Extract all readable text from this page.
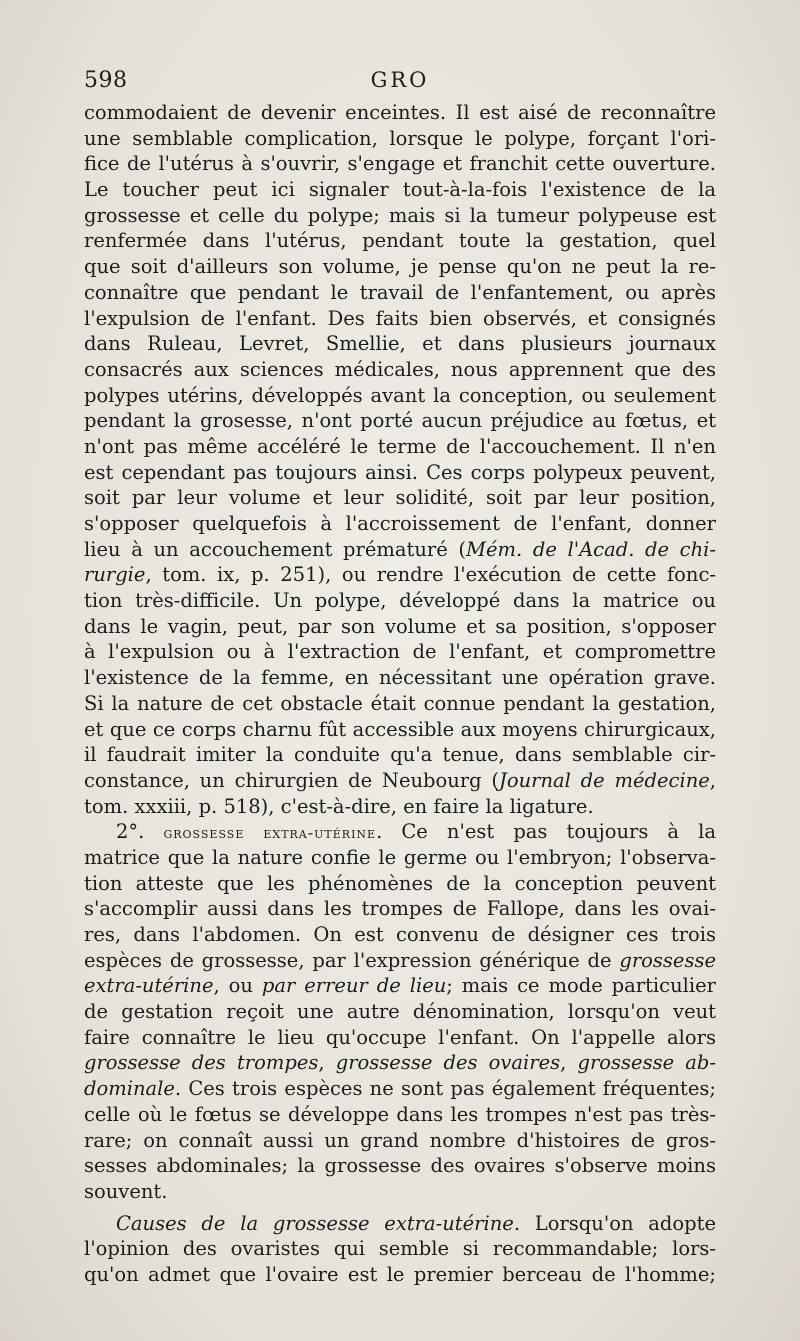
598	GRO
commodaient de devenir enceintes. Il est aisé de reconnaître
une semblable complication, lorsque le polype, forçant l'ori-
fice de l'utérus à s'ouvrir, s'engage et franchit cette ouverture.
Le toucher peut ici signaler tout-à-la-fois l'existence de la
grossesse et celle du polype; mais si la tumeur polypeuse est
renfermée dans l'utérus, pendant toute la gestation, quel
que soit d'ailleurs son volume, je pense qu'on ne peut la re-
connaître que pendant le travail de l'enfantement, ou après
l'expulsion de l'enfant. Des faits bien observés, et consignés
dans Ruleau, Levret, Smellie, et dans plusieurs journaux
consacrés aux sciences médicales, nous apprennent que des
polypes utérins, développés avant la conception, ou seulement
pendant la grosesse, n'ont porté aucun préjudice au fœtus, et
n'ont pas même accéléré le terme de l'accouchement. Il n'en
est cependant pas toujours ainsi. Ces corps polypeux peuvent,
soit par leur volume et leur solidité, soit par leur position,
s'opposer quelquefois à l'accroissement de l'enfant, donner
lieu à un accouchement prématuré (Mém. de l'Acad. de chi-
rurgie, tom. ix, p. 251), ou rendre l'exécution de cette fonc-
tion très-difficile. Un polype, développé dans la matrice ou
dans le vagin, peut, par son volume et sa position, s'opposer
à l'expulsion ou à l'extraction de l'enfant, et compromettre
l'existence de la femme, en nécessitant une opération grave.
Si la nature de cet obstacle était connue pendant la gestation,
et que ce corps charnu fût accessible aux moyens chirurgicaux,
il faudrait imiter la conduite qu'a tenue, dans semblable cir-
constance, un chirurgien de Neubourg (Journal de médecine,
tom. xxxiii, p. 518), c'est-à-dire, en faire la ligature.
2°. grossesse extra-utérine. Ce n'est pas toujours à la
matrice que la nature confie le germe ou l'embryon; l'observa-
tion atteste que les phénomènes de la conception peuvent
s'accomplir aussi dans les trompes de Fallope, dans les ovai-
res, dans l'abdomen. On est convenu de désigner ces trois
espèces de grossesse, par l'expression générique de grossesse
extra-utérine, ou par erreur de lieu; mais ce mode particulier
de gestation reçoit une autre dénomination, lorsqu'on veut
faire connaître le lieu qu'occupe l'enfant. On l'appelle alors
grossesse des trompes, grossesse des ovaires, grossesse ab-
dominale. Ces trois espèces ne sont pas également fréquentes;
celle où le fœtus se développe dans les trompes n'est pas très-
rare; on connaît aussi un grand nombre d'histoires de gros-
sesses abdominales; la grossesse des ovaires s'observe moins
souvent.
Causes de la grossesse extra-utérine. Lorsqu'on adopte
l'opinion des ovaristes qui semble si recommandable; lors-
qu'on admet que l'ovaire est le premier berceau de l'homme;
